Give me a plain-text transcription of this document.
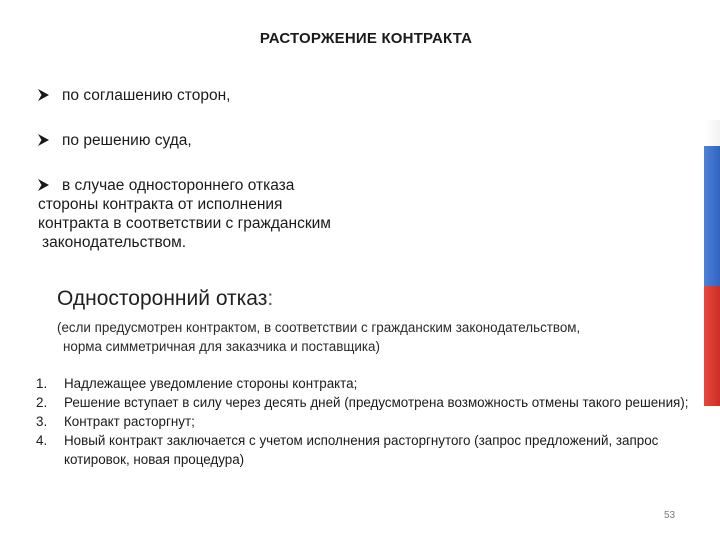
РАСТОРЖЕНИЕ КОНТРАКТА
по соглашению сторон,
по решению суда,
в случае одностороннего отказа
стороны контракта от исполнения
контракта в соответствии с гражданским
законодательством.
Односторонний отказ:
(если предусмотрен контрактом, в соответствии с гражданским законодательством,
норма симметричная для заказчика и поставщика)
1.	Надлежащее уведомление стороны контракта;
2.	Решение вступает в силу через десять дней (предусмотрена возможность отмены такого решения);
3.	Контракт расторгнут;
4.	Новый контракт заключается с учетом исполнения расторгнутого (запрос предложений, запрос котировок, новая процедура)
53
